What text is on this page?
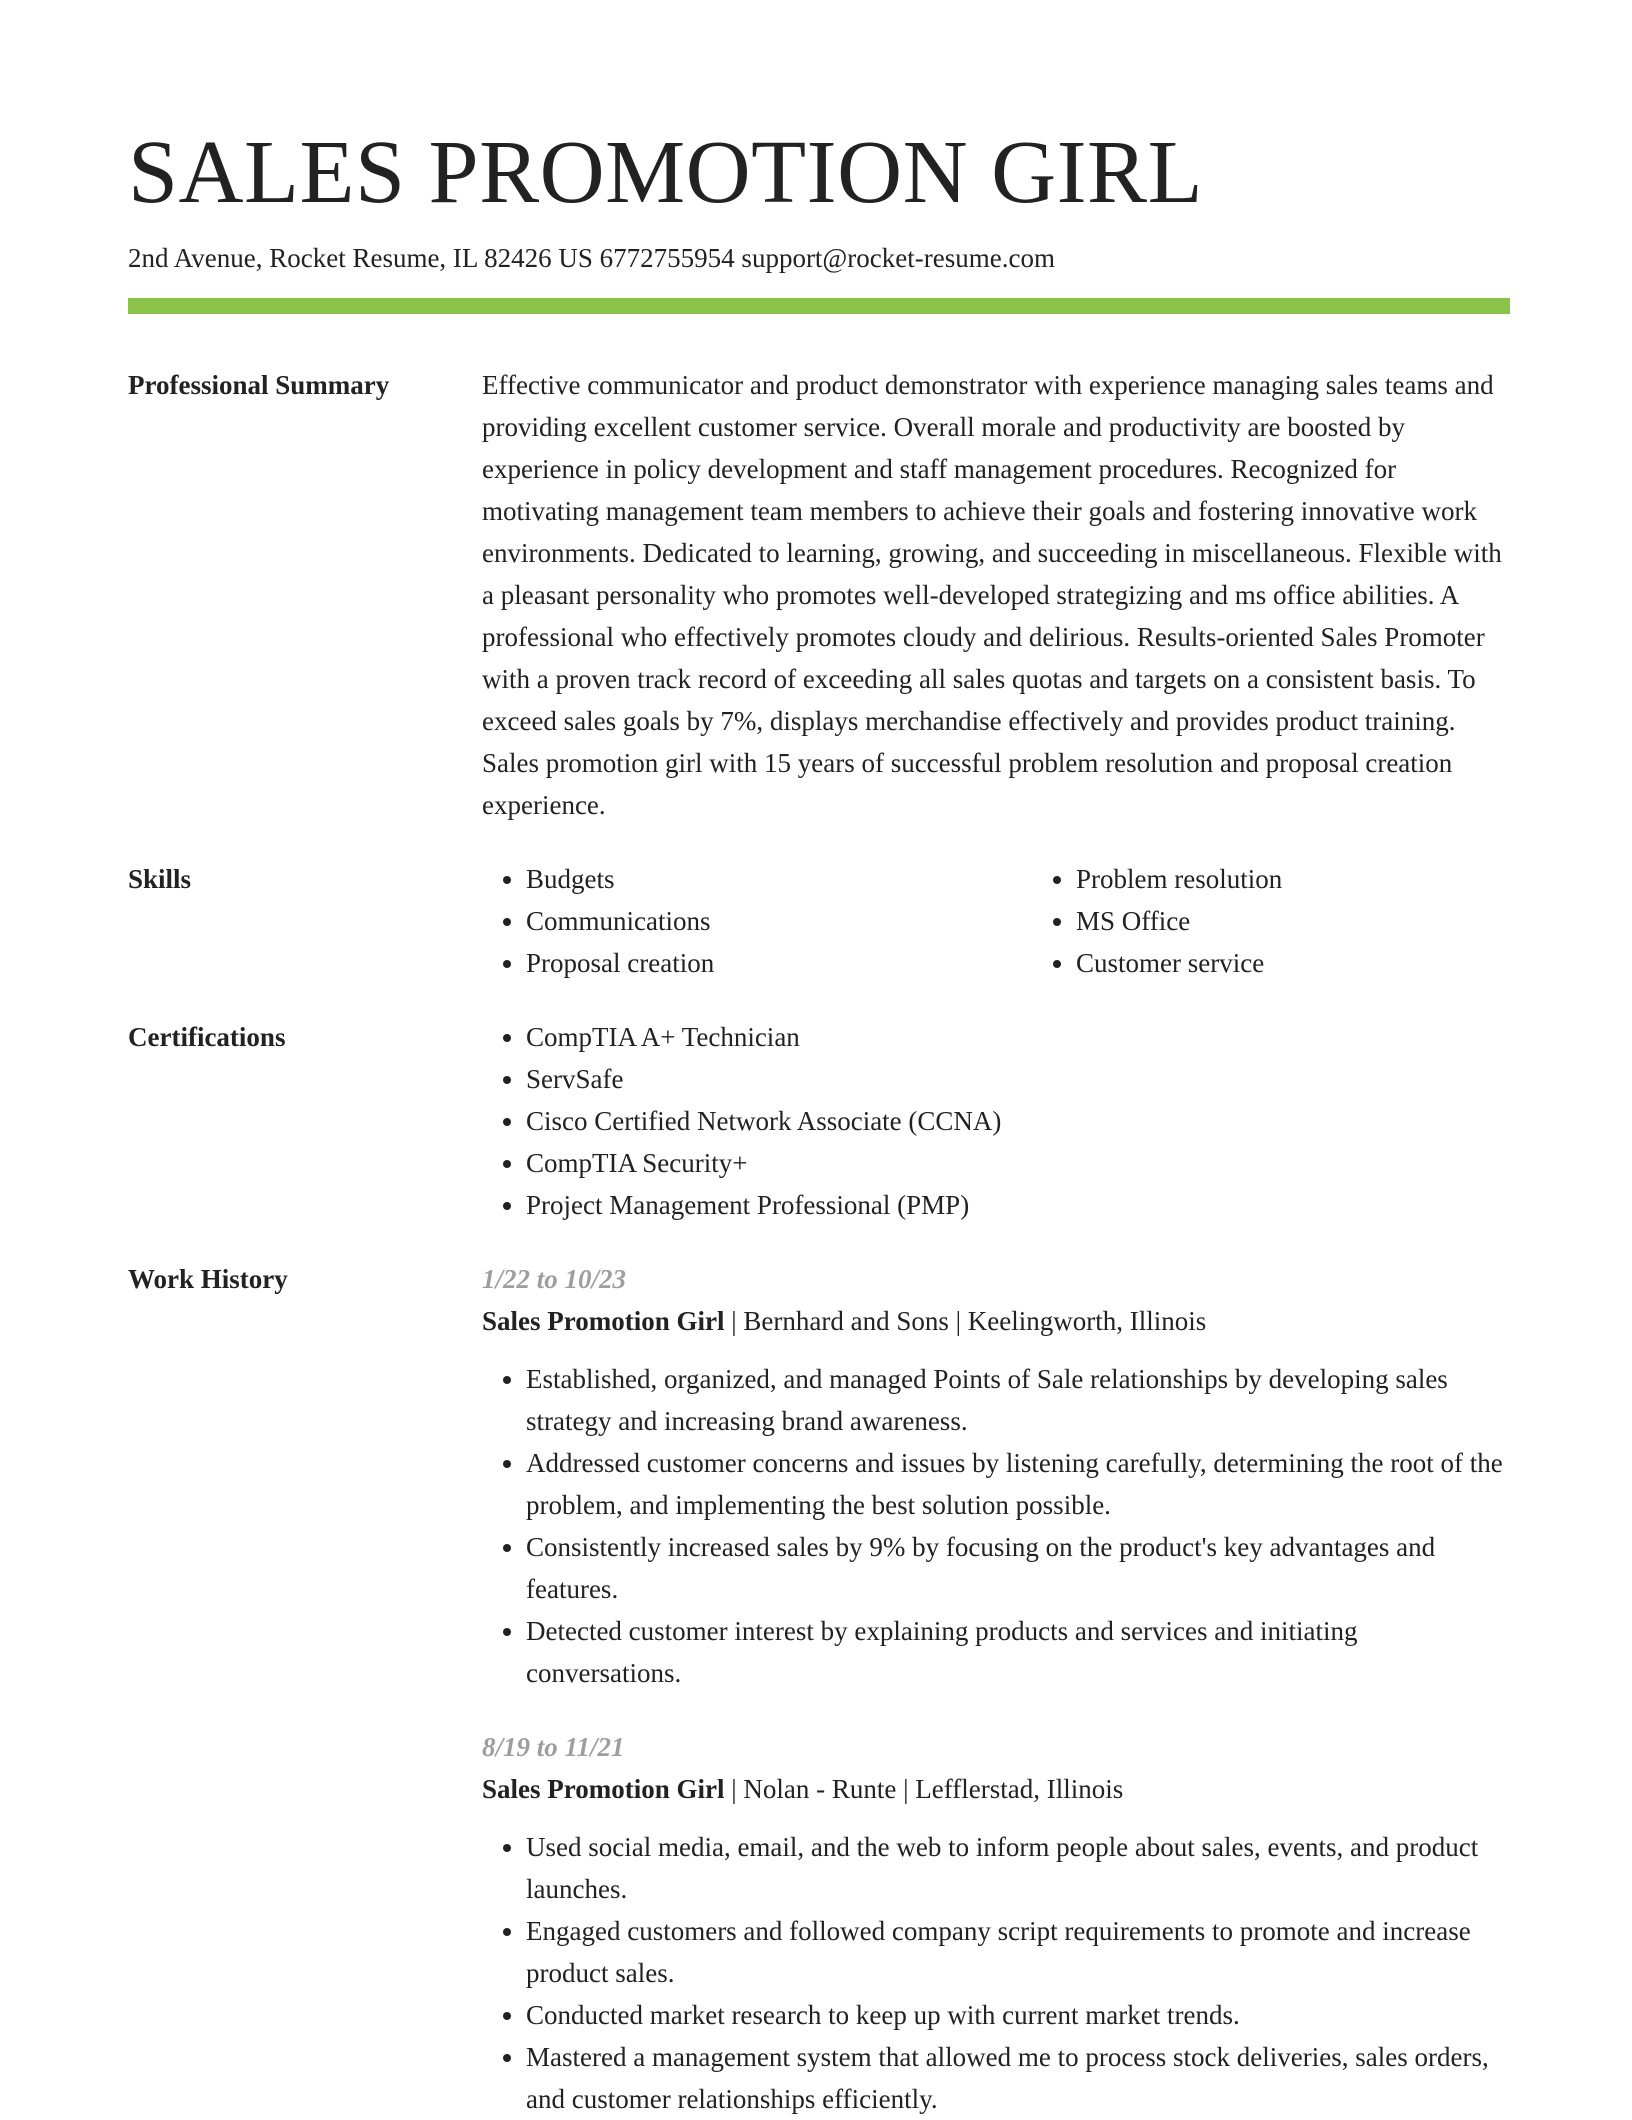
SALES PROMOTION GIRL
2nd Avenue, Rocket Resume, IL 82426 US 6772755954 support@rocket-resume.com
Professional Summary	Effective communicator and product demonstrator with experience managing sales teams and providing excellent customer service. Overall morale and productivity are boosted by experience in policy development and staff management procedures. Recognized for motivating management team members to achieve their goals and fostering innovative work environments. Dedicated to learning, growing, and succeeding in miscellaneous. Flexible with a pleasant personality who promotes well-developed strategizing and ms office abilities. A professional who effectively promotes cloudy and delirious. Results-oriented Sales Promoter with a proven track record of exceeding all sales quotas and targets on a consistent basis. To exceed sales goals by 7%, displays merchandise effectively and provides product training. Sales promotion girl with 15 years of successful problem resolution and proposal creation experience.
Skills	• Budgets
• Communications
• Proposal creation
• Problem resolution
• MS Office
• Customer service
Certifications	• CompTIA A+ Technician
• ServSafe
• Cisco Certified Network Associate (CCNA)
• CompTIA Security+
• Project Management Professional (PMP)
Work History	1/22 to 10/23
Sales Promotion Girl | Bernhard and Sons | Keelingworth, Illinois
• Established, organized, and managed Points of Sale relationships by developing sales strategy and increasing brand awareness.
• Addressed customer concerns and issues by listening carefully, determining the root of the problem, and implementing the best solution possible.
• Consistently increased sales by 9% by focusing on the product's key advantages and features.
• Detected customer interest by explaining products and services and initiating conversations.
8/19 to 11/21
Sales Promotion Girl | Nolan - Runte | Lefflerstad, Illinois
• Used social media, email, and the web to inform people about sales, events, and product launches.
• Engaged customers and followed company script requirements to promote and increase product sales.
• Conducted market research to keep up with current market trends.
• Mastered a management system that allowed me to process stock deliveries, sales orders, and customer relationships efficiently.
